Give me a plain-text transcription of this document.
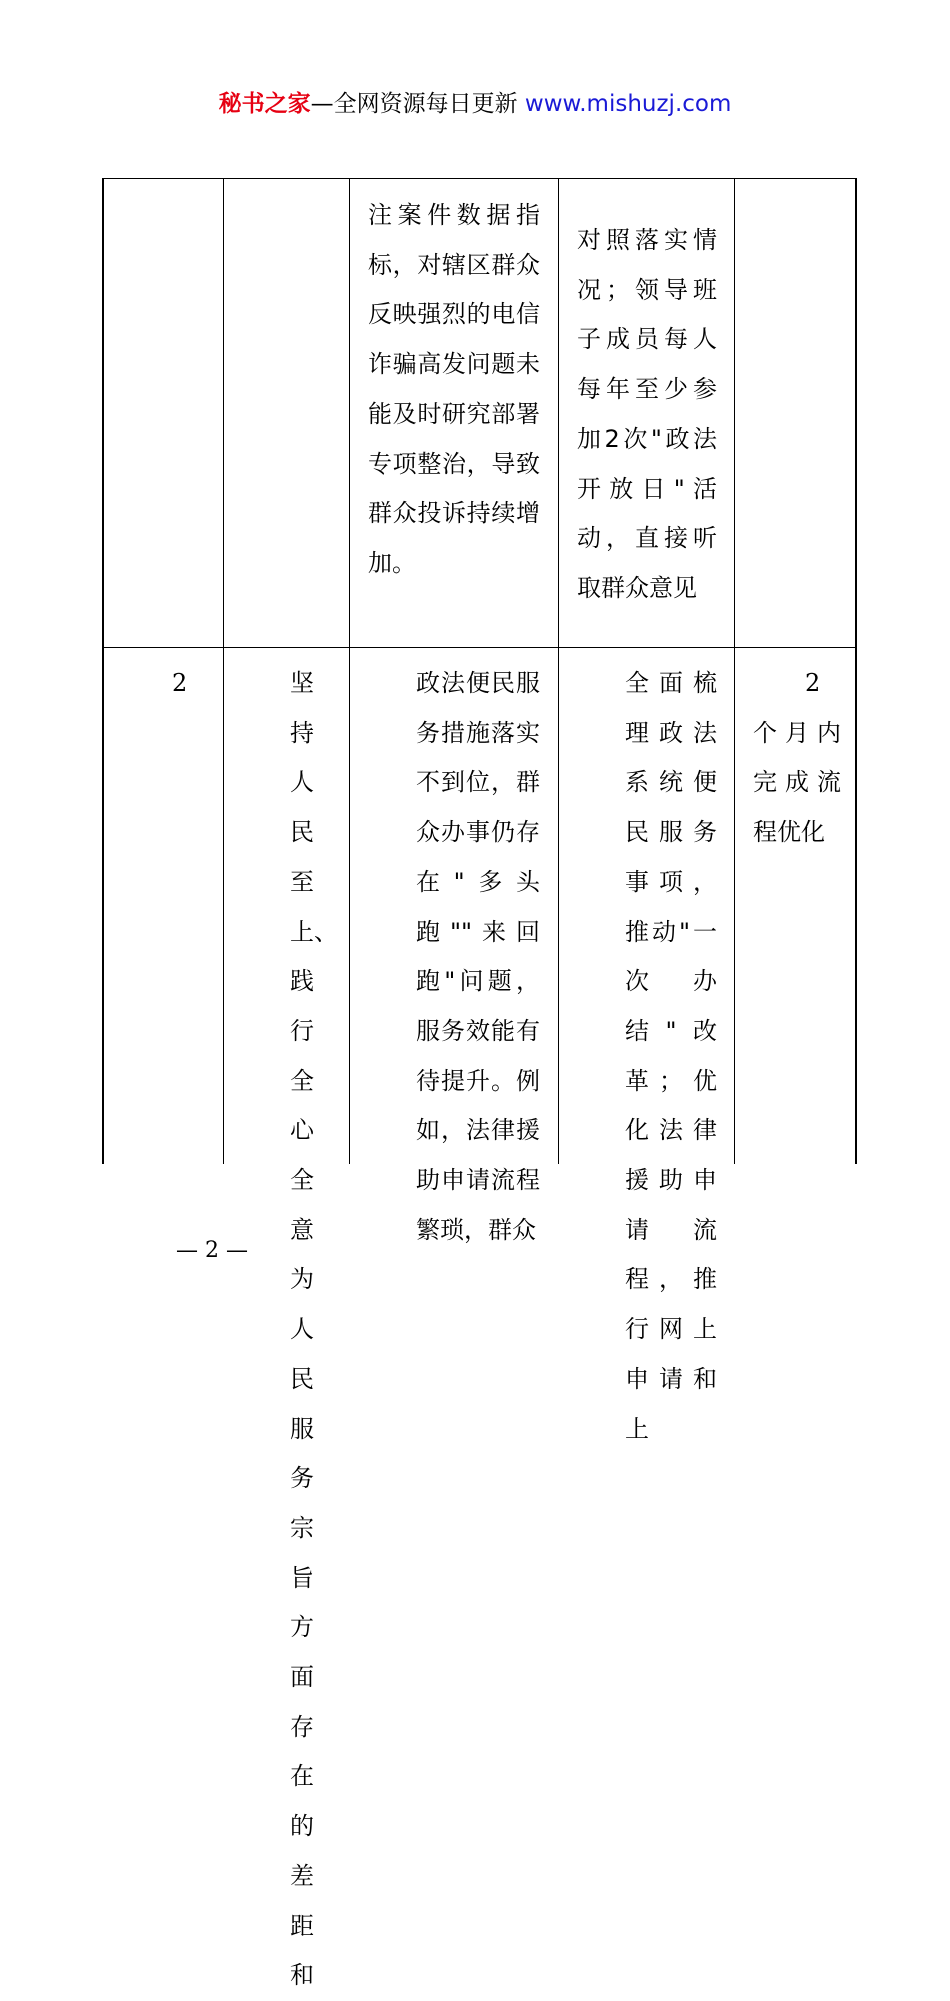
秘书之家—全网资源每日更新 www.mishuzj.com
注案件数据指标，对辖区群众反映强烈的电信诈骗高发问题未能及时研究部署专项整治，导致群众投诉持续增加。
对照落实情况；领导班子成员每人每年至少参加2次"政法开放日"活动，直接听取群众意见
2	坚持人民至上、践行全心全意为人民服务宗旨方面存在的差距和
政法便民服务措施落实不到位，群众办事仍存在"多头跑""来回跑"问题，服务效能有待提升。例如，法律援助申请流程繁琐，群众
全面梳理政法系统便民服务事项，推动"一次办结"改革；优化法律援助申请流程，推行网上申请和上
2
个月内完成流程优化
— 2 —
